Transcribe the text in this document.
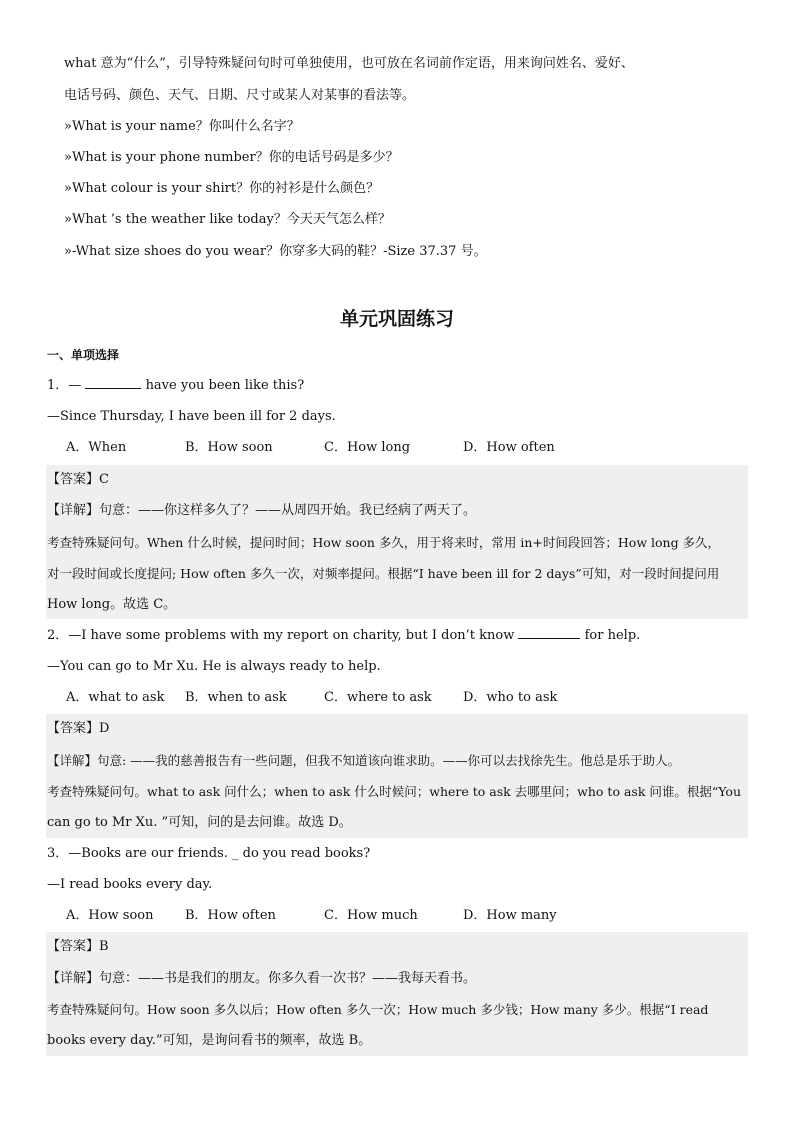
what 意为“什么”，引导特殊疑问句时可单独使用，也可放在名词前作定语，用来询问姓名、爱好、
电话号码、颜色、天气、日期、尺寸或某人对某事的看法等。
»What is your name？你叫什么名字？
»What is your phone number？你的电话号码是多少？
»What colour is your shirt？你的衬衫是什么颜色？
»What ’s the weather like today？今天天气怎么样？
»-What size shoes do you wear？你穿多大码的鞋？-Size 37.37 号。
单元巩固练习
一、单项选择
1．—	have you been like this?
—Since Thursday, I have been ill for 2 days.
A．When	B．How soon	C．How long	D．How often
【答案】C
【详解】句意：——你这样多久了？——从周四开始。我已经病了两天了。
考查特殊疑问句。When 什么时候，提问时间；How soon 多久，用于将来时，常用 in+时间段回答；How long 多久，
对一段时间或长度提问; How often 多久一次，对频率提问。根据“I have been ill for 2 days”可知，对一段时间提问用
How long。故选 C。
2．—I have some problems with my report on charity, but I don’t know	for help.
—You can go to Mr Xu. He is always ready to help.
A．what to ask B．when to ask	C．where to ask D．who to ask
【答案】D
【详解】句意: ——我的慈善报告有一些问题，但我不知道该向谁求助。——你可以去找徐先生。他总是乐于助人。
考查特殊疑问句。what to ask 问什么；when to ask 什么时候问；where to ask 去哪里问；who to ask 问谁。根据“You
can go to Mr Xu. ”可知，问的是去问谁。故选 D。
3．—Books are our friends. _ do you read books?
—I read books every day.
A．How soon B．How often	C．How much	D．How many
【答案】B
【详解】句意：——书是我们的朋友。你多久看一次书？——我每天看书。
考查特殊疑问句。How soon 多久以后；How often 多久一次；How much 多少钱；How many 多少。根据“I read
books every day.”可知，是询问看书的频率，故选 B。
